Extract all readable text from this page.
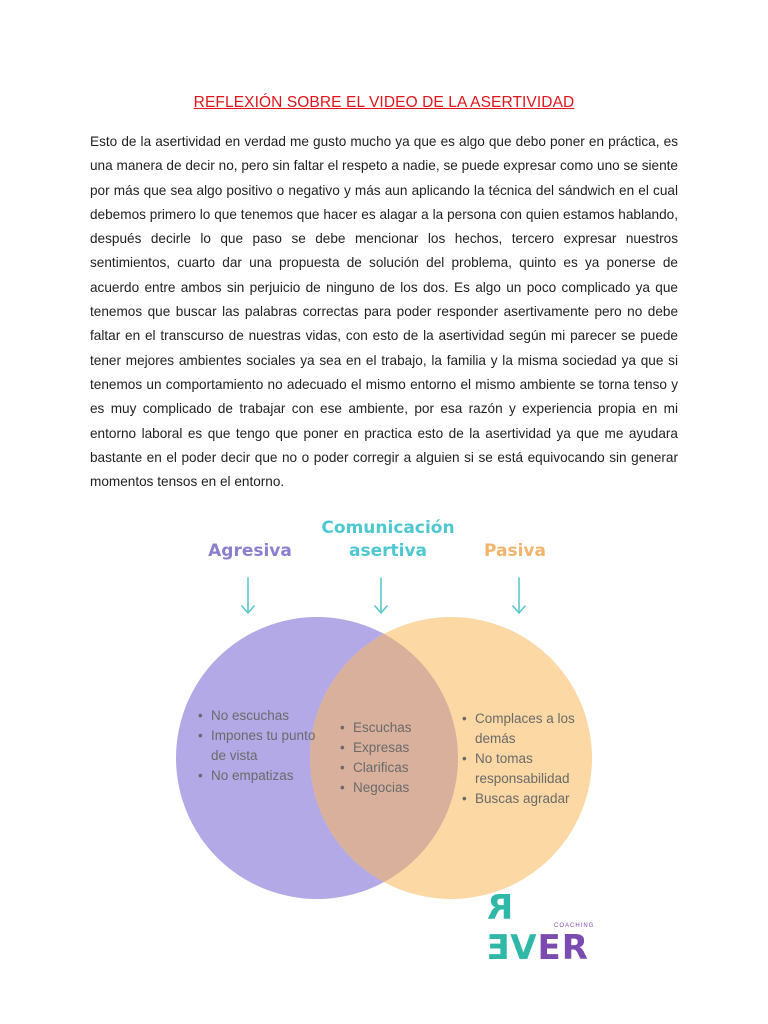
REFLEXIÓN SOBRE EL VIDEO DE LA ASERTIVIDAD

Esto de la asertividad en verdad me gusto mucho ya que es algo que debo poner en práctica, es una manera de decir no, pero sin faltar el respeto a nadie, se puede expresar como uno se siente por más que sea algo positivo o negativo y más aun aplicando la técnica del sándwich en el cual debemos primero lo que tenemos que hacer es alagar a la persona con quien estamos hablando, después decirle lo que paso se debe mencionar los hechos, tercero expresar nuestros sentimientos, cuarto dar una propuesta de solución del problema, quinto es ya ponerse de acuerdo entre ambos sin perjuicio de ninguno de los dos. Es algo un poco complicado ya que tenemos que buscar las palabras correctas para poder responder asertivamente pero no debe faltar en el transcurso de nuestras vidas, con esto de la asertividad según mi parecer se puede tener mejores ambientes sociales ya sea en el trabajo, la familia y la misma sociedad ya que si tenemos un comportamiento no adecuado el mismo entorno el mismo ambiente se torna tenso y es muy complicado de trabajar con ese ambiente, por esa razón y experiencia propia en mi entorno laboral es que tengo que poner en practica esto de la asertividad ya que me ayudara bastante en el poder decir que no o poder corregir a alguien si se está equivocando sin generar momentos tensos en el entorno.

Agresiva
Comunicación asertiva	Pasiva
• No escuchas
• Impones tu punto de vista
• No empatizas
• Escuchas
• Expresas
• Clarificas
• Negocias
• Complaces a los demás
• No tomas responsabilidad
• Buscas agradar
RƎVER
COACHING
